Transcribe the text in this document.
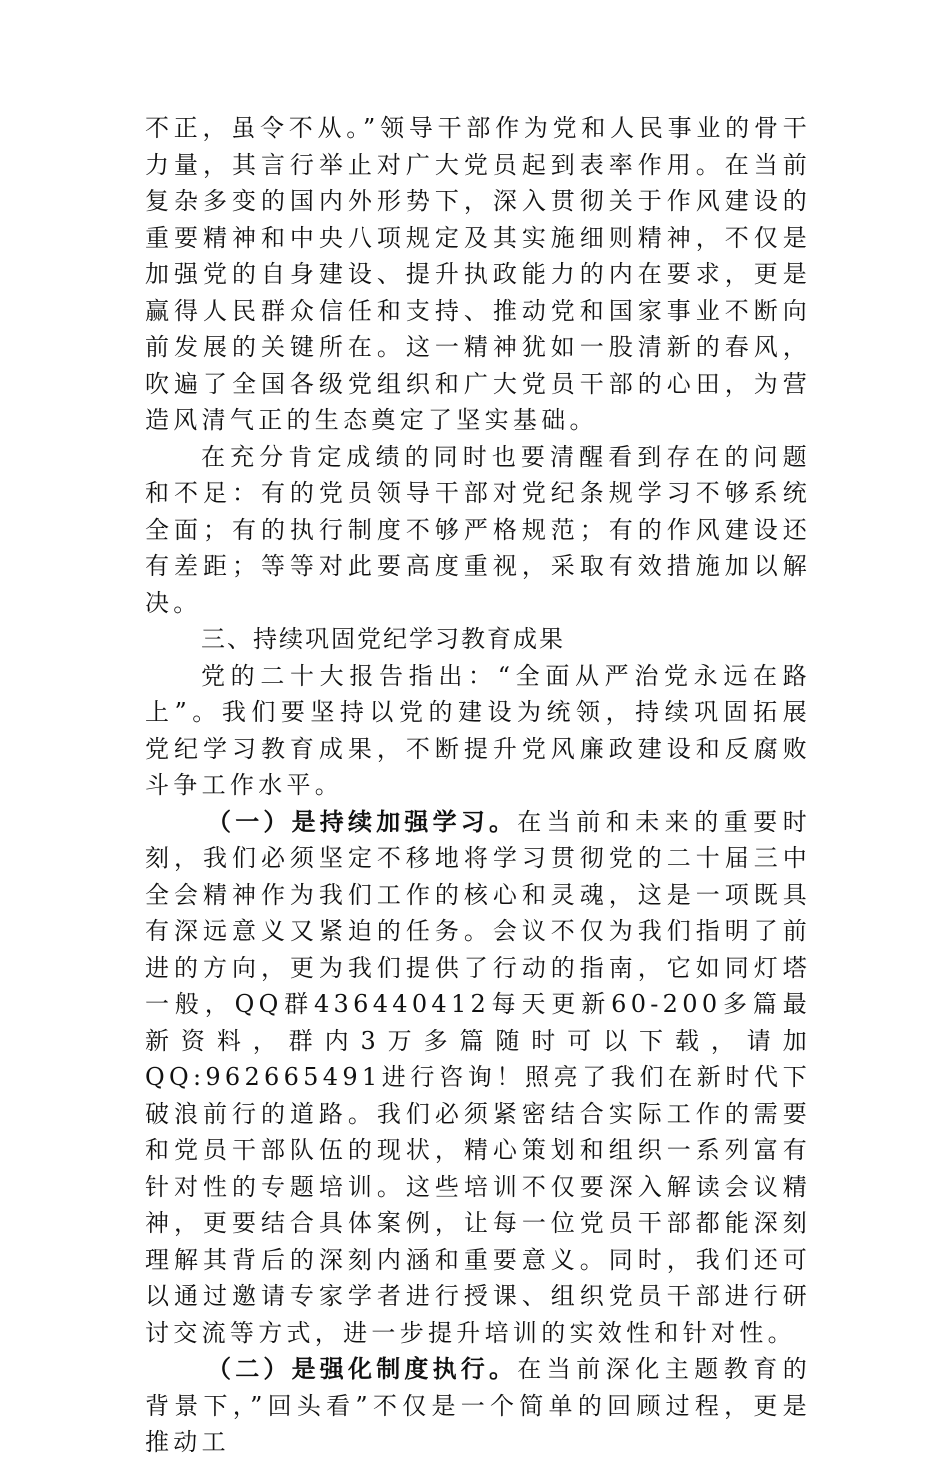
不正，虽令不从。”领导干部作为党和人民事业的骨干力量，其言行举止对广大党员起到表率作用。在当前复杂多变的国内外形势下，深入贯彻关于作风建设的重要精神和中央八项规定及其实施细则精神，不仅是加强党的自身建设、提升执政能力的内在要求，更是赢得人民群众信任和支持、推动党和国家事业不断向前发展的关键所在。这一精神犹如一股清新的春风，吹遍了全国各级党组织和广大党员干部的心田，为营造风清气正的生态奠定了坚实基础。

在充分肯定成绩的同时也要清醒看到存在的问题和不足：有的党员领导干部对党纪条规学习不够系统全面；有的执行制度不够严格规范；有的作风建设还有差距；等等对此要高度重视，采取有效措施加以解决。

三、持续巩固党纪学习教育成果

党的二十大报告指出：“全面从严治党永远在路上”。我们要坚持以党的建设为统领，持续巩固拓展党纪学习教育成果，不断提升党风廉政建设和反腐败斗争工作水平。

（一）是持续加强学习。在当前和未来的重要时刻，我们必须坚定不移地将学习贯彻党的二十届三中全会精神作为我们工作的核心和灵魂，这是一项既具有深远意义又紧迫的任务。会议不仅为我们指明了前进的方向，更为我们提供了行动的指南，它如同灯塔一般，QQ群436440412每天更新60-200多篇最新资料，群内3万多篇随时可以下载，请加QQ:962665491进行咨询！照亮了我们在新时代下破浪前行的道路。我们必须紧密结合实际工作的需要和党员干部队伍的现状，精心策划和组织一系列富有针对性的专题培训。这些培训不仅要深入解读会议精神，更要结合具体案例，让每一位党员干部都能深刻理解其背后的深刻内涵和重要意义。同时，我们还可以通过邀请专家学者进行授课、组织党员干部进行研讨交流等方式，进一步提升培训的实效性和针对性。

（二）是强化制度执行。在当前深化主题教育的背景下，”回头看”不仅是一个简单的回顾过程，更是推动工
